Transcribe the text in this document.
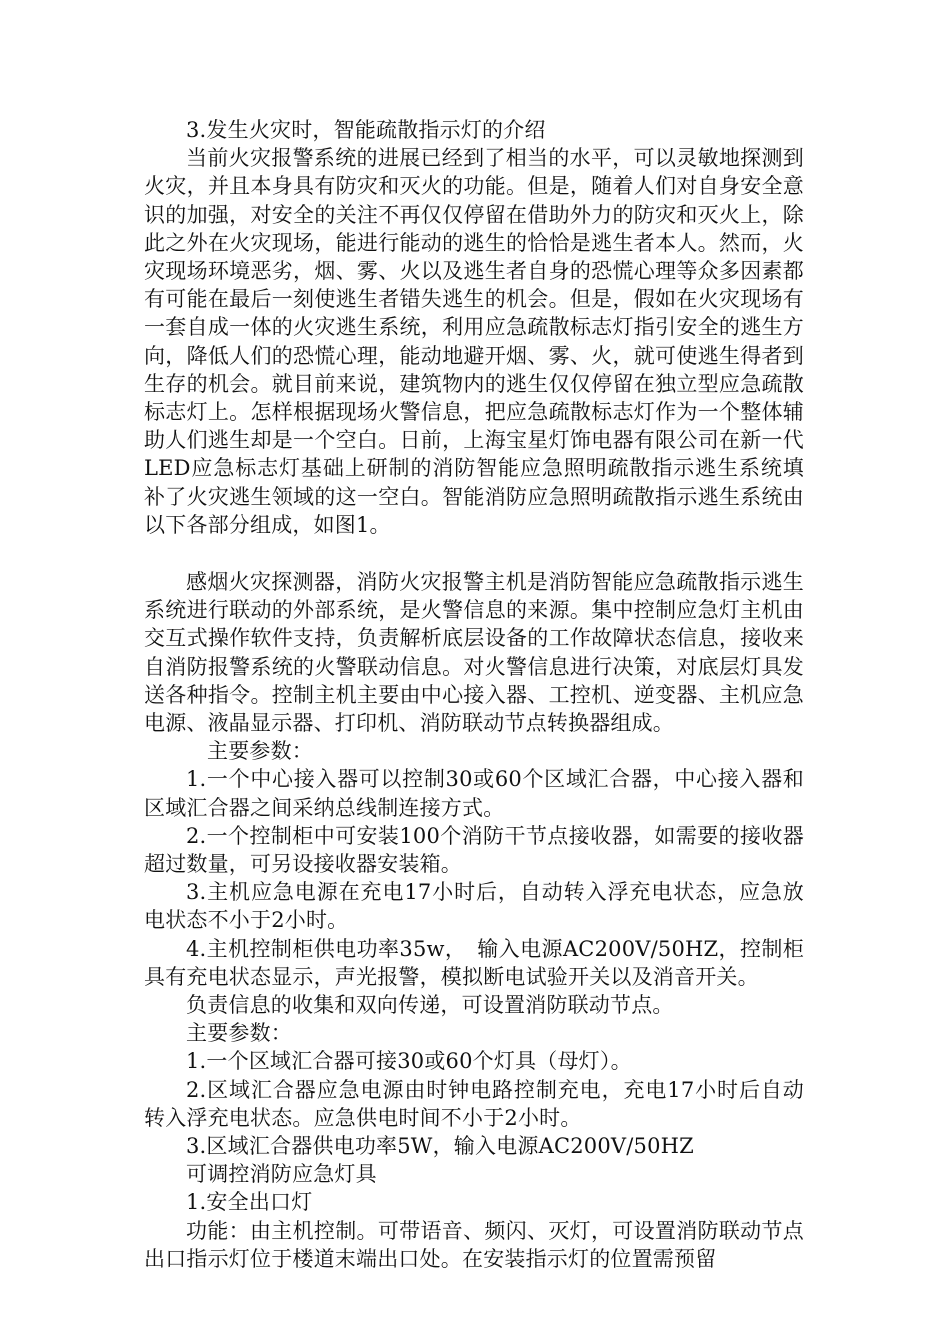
3.发生火灾时，智能疏散指示灯的介绍

当前火灾报警系统的进展已经到了相当的水平，可以灵敏地探测到火灾，并且本身具有防灾和灭火的功能。但是，随着人们对自身安全意识的加强，对安全的关注不再仅仅停留在借助外力的防灾和灭火上，除此之外在火灾现场，能进行能动的逃生的恰恰是逃生者本人。然而，火灾现场环境恶劣，烟、雾、火以及逃生者自身的恐慌心理等众多因素都有可能在最后一刻使逃生者错失逃生的机会。但是，假如在火灾现场有一套自成一体的火灾逃生系统，利用应急疏散标志灯指引安全的逃生方向，降低人们的恐慌心理，能动地避开烟、雾、火，就可使逃生得者到生存的机会。就目前来说，建筑物内的逃生仅仅停留在独立型应急疏散标志灯上。怎样根据现场火警信息，把应急疏散标志灯作为一个整体辅助人们逃生却是一个空白。日前，上海宝星灯饰电器有限公司在新一代LED应急标志灯基础上研制的消防智能应急照明疏散指示逃生系统填补了火灾逃生领域的这一空白。智能消防应急照明疏散指示逃生系统由以下各部分组成，如图1。

感烟火灾探测器，消防火灾报警主机是消防智能应急疏散指示逃生系统进行联动的外部系统，是火警信息的来源。集中控制应急灯主机由交互式操作软件支持，负责解析底层设备的工作故障状态信息，接收来自消防报警系统的火警联动信息。对火警信息进行决策，对底层灯具发送各种指令。控制主机主要由中心接入器、工控机、逆变器、主机应急电源、液晶显示器、打印机、消防联动节点转换器组成。

主要参数：

1.一个中心接入器可以控制30或60个区域汇合器，中心接入器和区域汇合器之间采纳总线制连接方式。

2.一个控制柜中可安装100个消防干节点接收器，如需要的接收器超过数量，可另设接收器安装箱。

3.主机应急电源在充电17小时后，自动转入浮充电状态，应急放电状态不小于2小时。

4.主机控制柜供电功率35w，　输入电源AC200V/50HZ，控制柜具有充电状态显示，声光报警，模拟断电试验开关以及消音开关。

负责信息的收集和双向传递，可设置消防联动节点。

主要参数：

1.一个区域汇合器可接30或60个灯具（母灯）。

2.区域汇合器应急电源由时钟电路控制充电，充电17小时后自动转入浮充电状态。应急供电时间不小于2小时。

3.区域汇合器供电功率5W，输入电源AC200V/50HZ

可调控消防应急灯具

1.安全出口灯

功能：由主机控制。可带语音、频闪、灭灯，可设置消防联动节点出口指示灯位于楼道末端出口处。在安装指示灯的位置需预留
